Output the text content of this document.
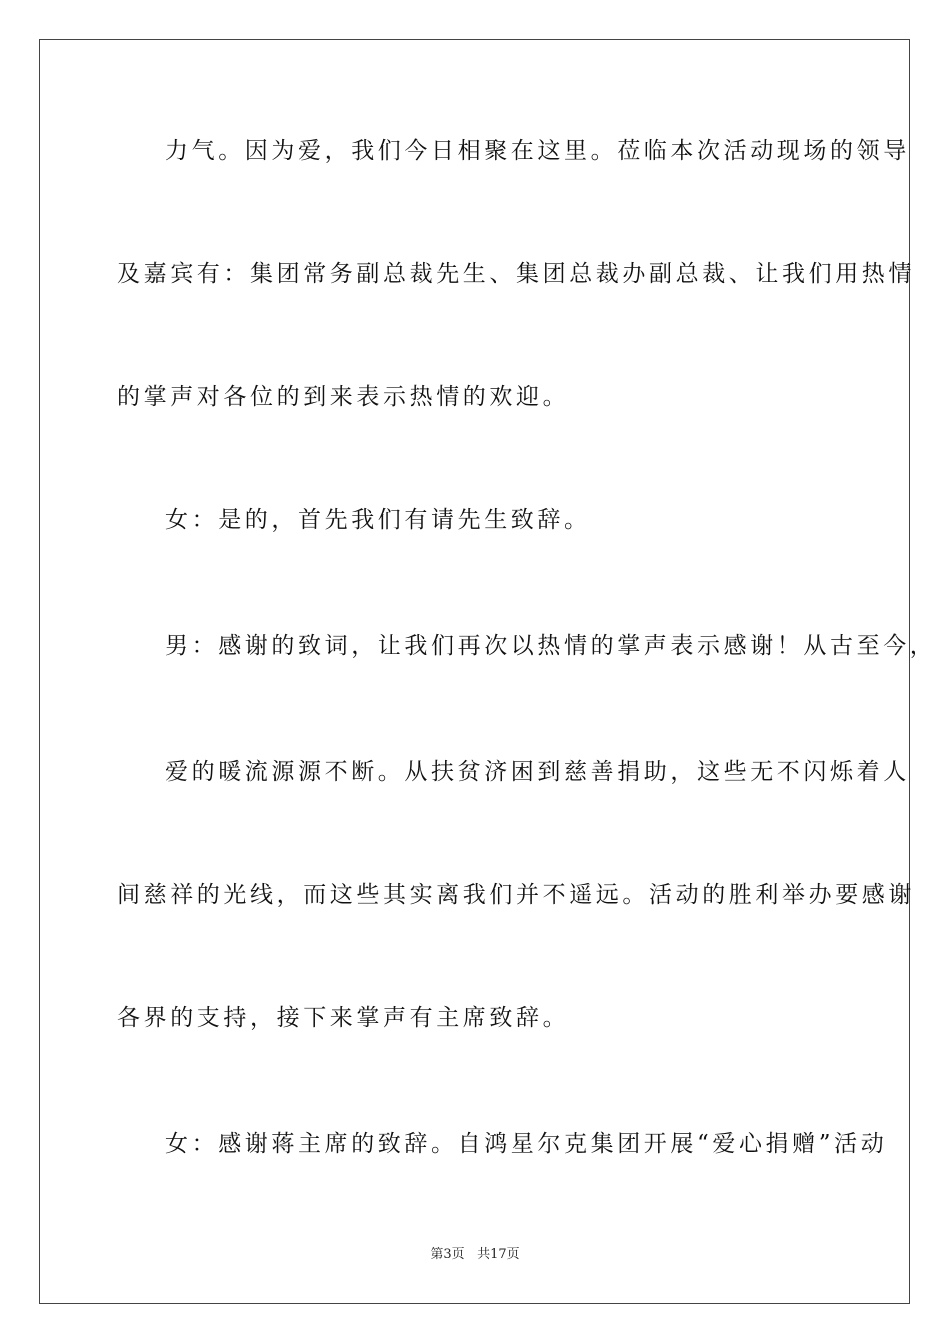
力气。因为爱，我们今日相聚在这里。莅临本次活动现场的领导
及嘉宾有：集团常务副总裁先生、集团总裁办副总裁、让我们用热情
的掌声对各位的到来表示热情的欢迎。
女：是的，首先我们有请先生致辞。
男：感谢的致词，让我们再次以热情的掌声表示感谢！从古至今，
爱的暖流源源不断。从扶贫济困到慈善捐助，这些无不闪烁着人
间慈祥的光线，而这些其实离我们并不遥远。活动的胜利举办要感谢
各界的支持，接下来掌声有主席致辞。
女：感谢蒋主席的致辞。自鸿星尔克集团开展“爱心捐赠”活动
第3页 共17页
